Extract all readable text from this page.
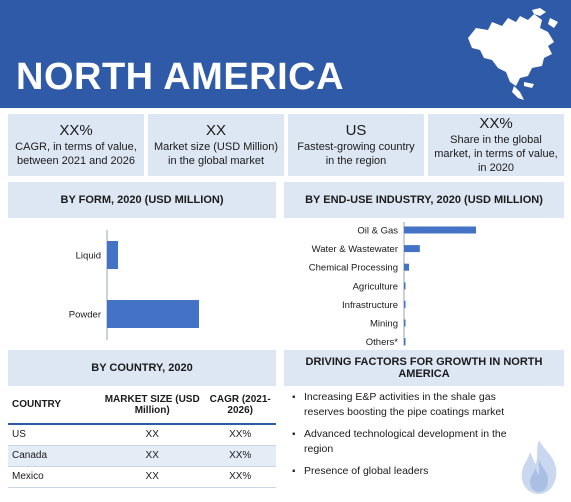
NORTH AMERICA
XX%
CAGR, in terms of value, between 2021 and 2026
XX
Market size (USD Million) in the global market
US
Fastest-growing country in the region
XX%
Share in the global market, in terms of value, in 2020
BY FORM, 2020 (USD MILLION)	BY END-USE INDUSTRY, 2020 (USD MILLION)
BY COUNTRY, 2020	DRIVING FACTORS FOR GROWTH IN NORTH AMERICA
Liquid
Powder
Oil & Gas
Water & Wastewater
Chemical Processing
Agriculture
Infrastructure
Mining
Others*
COUNTRY	MARKET SIZE (USD Million)	CAGR (2021-2026)
US	XX	XX%
Canada	XX	XX%
Mexico	XX	XX%
▪ Increasing E&P activities in the shale gas reserves boosting the pipe coatings market
▪ Advanced technological development in the region
▪ Presence of global leaders
